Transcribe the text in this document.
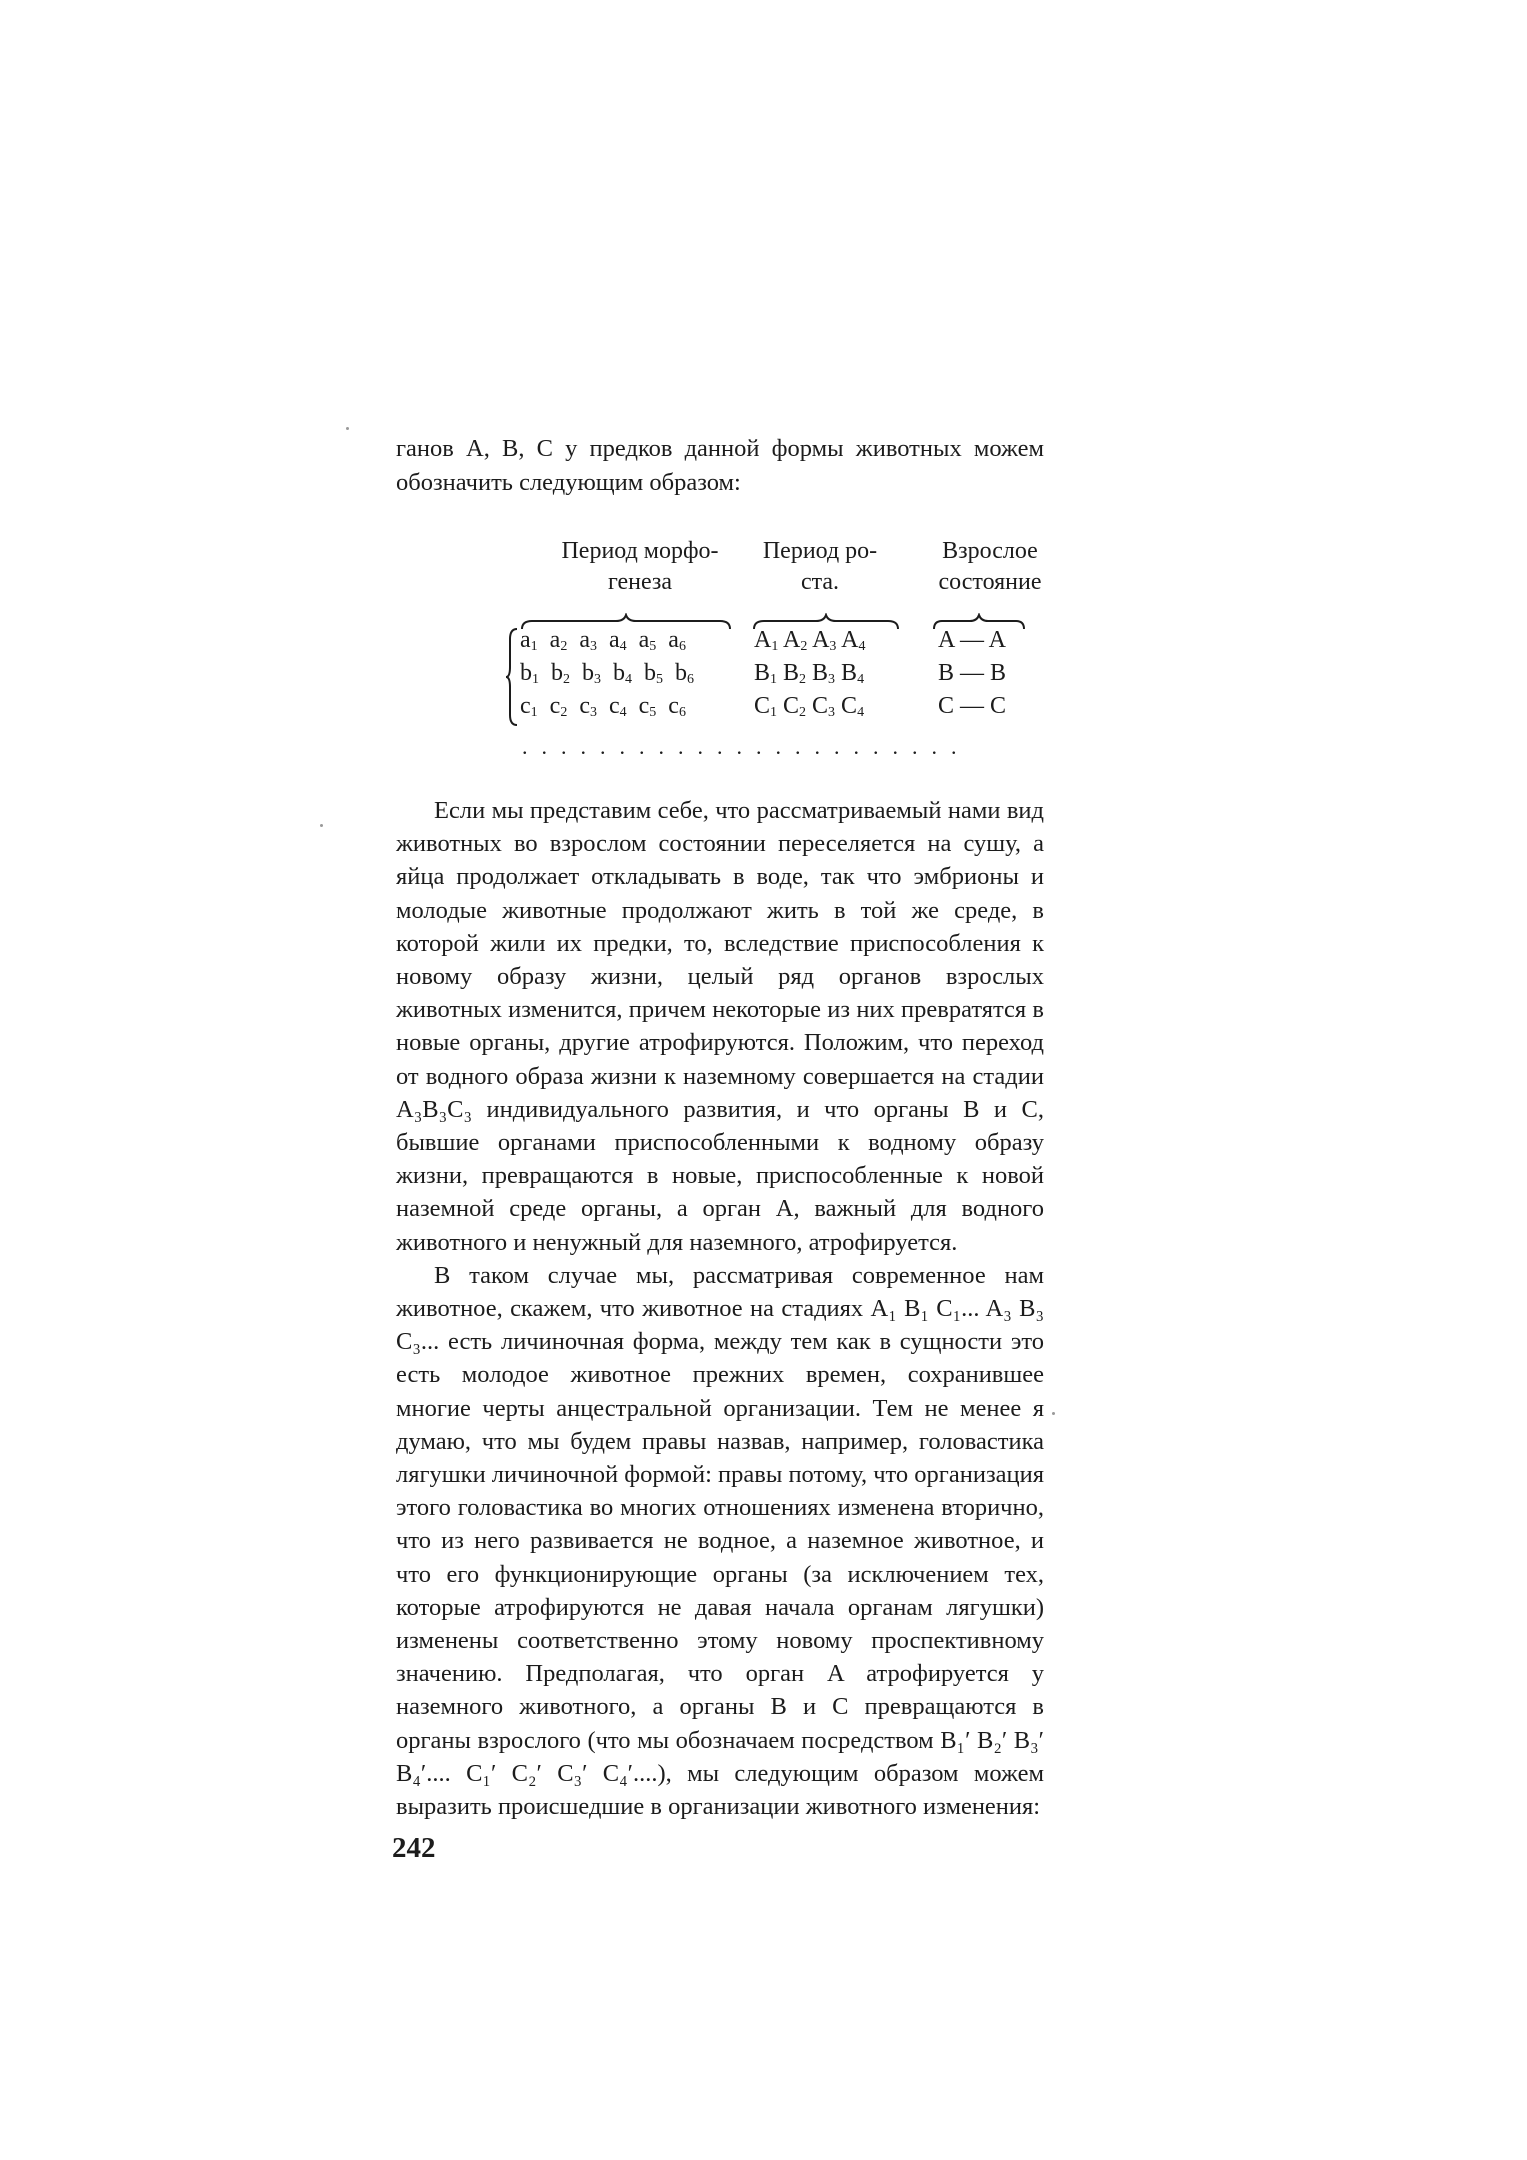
ганов A, B, C у предков данной формы животных можем обозначить следующим образом:

Период морфо-
генеза
Период ро-
ста.
Взрослое
состояние
$a_1$ $a_2$ $a_3$ $a_4$ $a_5$ $a_6$	$A_1$ $A_2$ $A_3$ $A_4$	A — A
$b_1$ $b_2$ $b_3$ $b_4$ $b_5$ $b_6$	$B_1$ $B_2$ $B_3$ $B_4$	B — B
$c_1$ $c_2$ $c_3$ $c_4$ $c_5$ $c_6$	$C_1$ $C_2$ $C_3$ $C_4$	C — C
.......................

Если мы представим себе, что рассматриваемый нами вид животных во взрослом состоянии переселяется на сушу, а яйца продолжает откладывать в воде, так что эмбрионы и молодые животные продолжают жить в той же среде, в которой жили их предки, то, вследствие приспособления к новому образу жизни, целый ряд органов взрослых животных изменится, причем некоторые из них превратятся в новые органы, другие атрофируются. Положим, что переход от водного образа жизни к наземному совершается на стадии A₃B₃C₃ индивидуального развития, и что органы B и C, бывшие органами приспособленными к водному образу жизни, превращаются в новые, приспособленные к новой наземной среде органы, а орган A, важный для водного животного и ненужный для наземного, атрофируется.

В таком случае мы, рассматривая современное нам животное, скажем, что животное на стадиях A₁ B₁ C₁... A₃ B₃ C₃... есть личиночная форма, между тем как в сущности это есть молодое животное прежних времен, сохранившее многие черты анцестральной организации. Тем не менее я думаю, что мы будем правы назвав, например, головастика лягушки личиночной формой: правы потому, что организация этого головастика во многих отношениях изменена вторично, что из него развивается не водное, а наземное животное, и что его функционирующие органы (за исключением тех, которые атрофируются не давая начала органам лягушки) изменены соответственно этому новому проспективному значению. Предполагая, что орган A атрофируется у наземного животного, а органы B и C превращаются в органы взрослого (что мы обозначаем посредством B₁′ B₂′ B₃′ B₄′.... C₁′ C₂′ C₃′ C₄′....), мы следующим образом можем выразить происшедшие в организации животного изменения:

242
